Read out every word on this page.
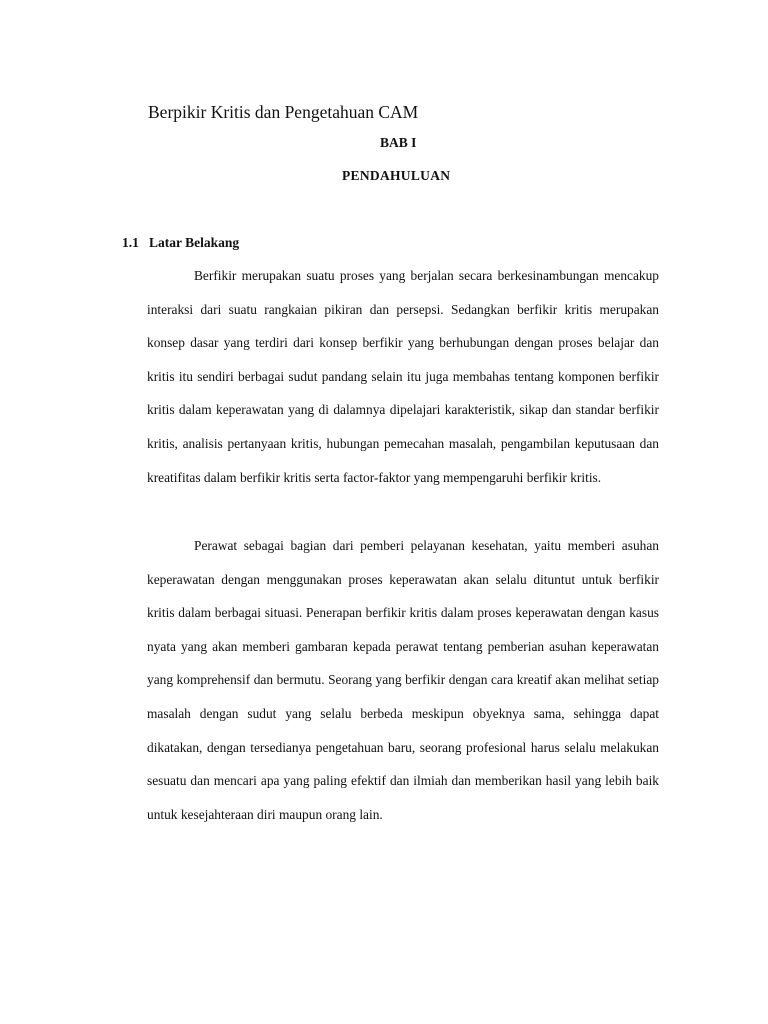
Berpikir Kritis dan Pengetahuan CAM
BAB I
PENDAHULUAN
1.1 Latar Belakang

Berfikir merupakan suatu proses yang berjalan secara berkesinambungan mencakup interaksi dari suatu rangkaian pikiran dan persepsi. Sedangkan berfikir kritis merupakan konsep dasar yang terdiri dari konsep berfikir yang berhubungan dengan proses belajar dan kritis itu sendiri berbagai sudut pandang selain itu juga membahas tentang komponen berfikir kritis dalam keperawatan yang di dalamnya dipelajari karakteristik, sikap dan standar berfikir kritis, analisis pertanyaan kritis, hubungan pemecahan masalah, pengambilan keputusaan dan kreatifitas dalam berfikir kritis serta factor-faktor yang mempengaruhi berfikir kritis.

Perawat sebagai bagian dari pemberi pelayanan kesehatan, yaitu memberi asuhan keperawatan dengan menggunakan proses keperawatan akan selalu dituntut untuk berfikir kritis dalam berbagai situasi. Penerapan berfikir kritis dalam proses keperawatan dengan kasus nyata yang akan memberi gambaran kepada perawat tentang pemberian asuhan keperawatan yang komprehensif dan bermutu. Seorang yang berfikir dengan cara kreatif akan melihat setiap masalah dengan sudut yang selalu berbeda meskipun obyeknya sama, sehingga dapat dikatakan, dengan tersedianya pengetahuan baru, seorang profesional harus selalu melakukan sesuatu dan mencari apa yang paling efektif dan ilmiah dan memberikan hasil yang lebih baik untuk kesejahteraan diri maupun orang lain.
